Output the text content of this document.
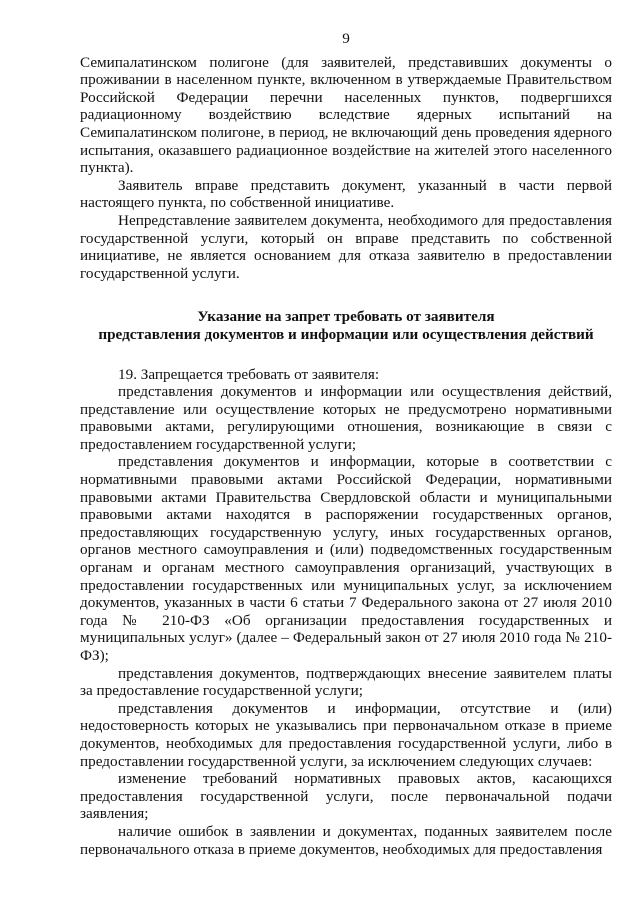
9

Семипалатинском полигоне (для заявителей, представивших документы о проживании в населенном пункте, включенном в утверждаемые Правительством Российской Федерации перечни населенных пунктов, подвергшихся радиационному воздействию вследствие ядерных испытаний на Семипалатинском полигоне, в период, не включающий день проведения ядерного испытания, оказавшего радиационное воздействие на жителей этого населенного пункта).

Заявитель вправе представить документ, указанный в части первой настоящего пункта, по собственной инициативе.

Непредставление заявителем документа, необходимого для предоставления государственной услуги, который он вправе представить по собственной инициативе, не является основанием для отказа заявителю в предоставлении государственной услуги.

Указание на запрет требовать от заявителя
представления документов и информации или осуществления действий

19. Запрещается требовать от заявителя:

представления документов и информации или осуществления действий, представление или осуществление которых не предусмотрено нормативными правовыми актами, регулирующими отношения, возникающие в связи с предоставлением государственной услуги;

представления документов и информации, которые в соответствии с нормативными правовыми актами Российской Федерации, нормативными правовыми актами Правительства Свердловской области и муниципальными правовыми актами находятся в распоряжении государственных органов, предоставляющих государственную услугу, иных государственных органов, органов местного самоуправления и (или) подведомственных государственным органам и органам местного самоуправления организаций, участвующих в предоставлении государственных или муниципальных услуг, за исключением документов, указанных в части 6 статьи 7 Федерального закона от 27 июля 2010 года № 210-ФЗ «Об организации предоставления государственных и муниципальных услуг» (далее – Федеральный закон от 27 июля 2010 года № 210-ФЗ);

представления документов, подтверждающих внесение заявителем платы за предоставление государственной услуги;

представления документов и информации, отсутствие и (или) недостоверность которых не указывались при первоначальном отказе в приеме документов, необходимых для предоставления государственной услуги, либо в предоставлении государственной услуги, за исключением следующих случаев:

изменение требований нормативных правовых актов, касающихся предоставления государственной услуги, после первоначальной подачи заявления;

наличие ошибок в заявлении и документах, поданных заявителем после первоначального отказа в приеме документов, необходимых для предоставления
